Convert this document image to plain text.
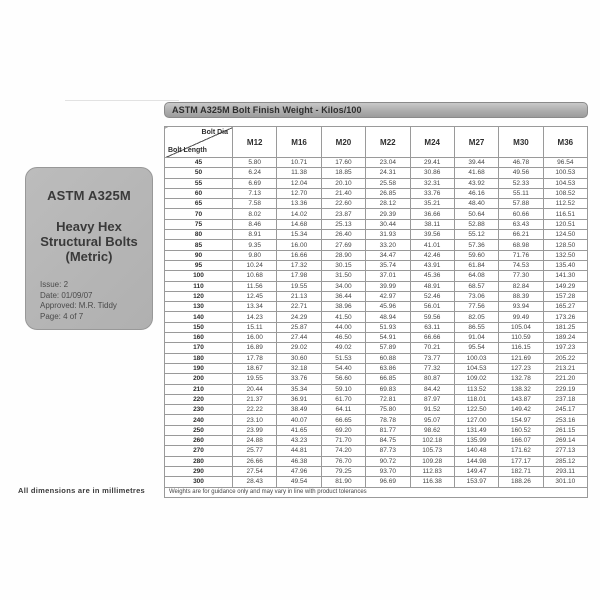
ASTM A325M
Heavy Hex Structural Bolts (Metric)
Issue: 2
Date: 01/09/07
Approved: M.R. Tiddy
Page: 4 of 7
All dimensions are in millimetres
ASTM A325M Bolt Finish Weight - Kilos/100
Bolt Dia
Bolt Length	M12	M16	M20	M22	M24	M27	M30	M36
45	5.80	10.71	17.60	23.04	29.41	39.44	46.78	96.54
50	6.24	11.38	18.85	24.31	30.86	41.68	49.56	100.53
55	6.69	12.04	20.10	25.58	32.31	43.92	52.33	104.53
60	7.13	12.70	21.40	26.85	33.76	46.16	55.11	108.52
65	7.58	13.36	22.60	28.12	35.21	48.40	57.88	112.52
70	8.02	14.02	23.87	29.39	36.66	50.64	60.66	116.51
75	8.46	14.68	25.13	30.44	38.11	52.88	63.43	120.51
80	8.91	15.34	26.40	31.93	39.56	55.12	66.21	124.50
85	9.35	16.00	27.69	33.20	41.01	57.36	68.98	128.50
90	9.80	16.66	28.90	34.47	42.46	59.60	71.76	132.50
95	10.24	17.32	30.15	35.74	43.91	61.84	74.53	135.40
100	10.68	17.98	31.50	37.01	45.36	64.08	77.30	141.30
110	11.56	19.55	34.00	39.99	48.91	68.57	82.84	149.29
120	12.45	21.13	36.44	42.97	52.46	73.06	88.39	157.28
130	13.34	22.71	38.96	45.96	56.01	77.56	93.94	165.27
140	14.23	24.29	41.50	48.94	59.56	82.05	99.49	173.26
150	15.11	25.87	44.00	51.93	63.11	86.55	105.04	181.25
160	16.00	27.44	46.50	54.91	66.66	91.04	110.59	189.24
170	16.89	29.02	49.02	57.89	70.21	95.54	116.15	197.23
180	17.78	30.60	51.53	60.88	73.77	100.03	121.69	205.22
190	18.67	32.18	54.40	63.86	77.32	104.53	127.23	213.21
200	19.55	33.76	56.60	66.85	80.87	109.02	132.78	221.20
210	20.44	35.34	59.10	69.83	84.42	113.52	138.32	229.19
220	21.37	36.91	61.70	72.81	87.97	118.01	143.87	237.18
230	22.22	38.49	64.11	75.80	91.52	122.50	149.42	245.17
240	23.10	40.07	66.65	78.78	95.07	127.00	154.97	253.16
250	23.99	41.65	69.20	81.77	98.62	131.49	160.52	261.15
260	24.88	43.23	71.70	84.75	102.18	135.99	166.07	269.14
270	25.77	44.81	74.20	87.73	105.73	140.48	171.62	277.13
280	26.66	46.38	76.70	90.72	109.28	144.98	177.17	285.12
290	27.54	47.96	79.25	93.70	112.83	149.47	182.71	293.11
300	28.43	49.54	81.90	96.69	116.38	153.97	188.26	301.10
Weights are for guidance only and may vary in line with product tolerances								
